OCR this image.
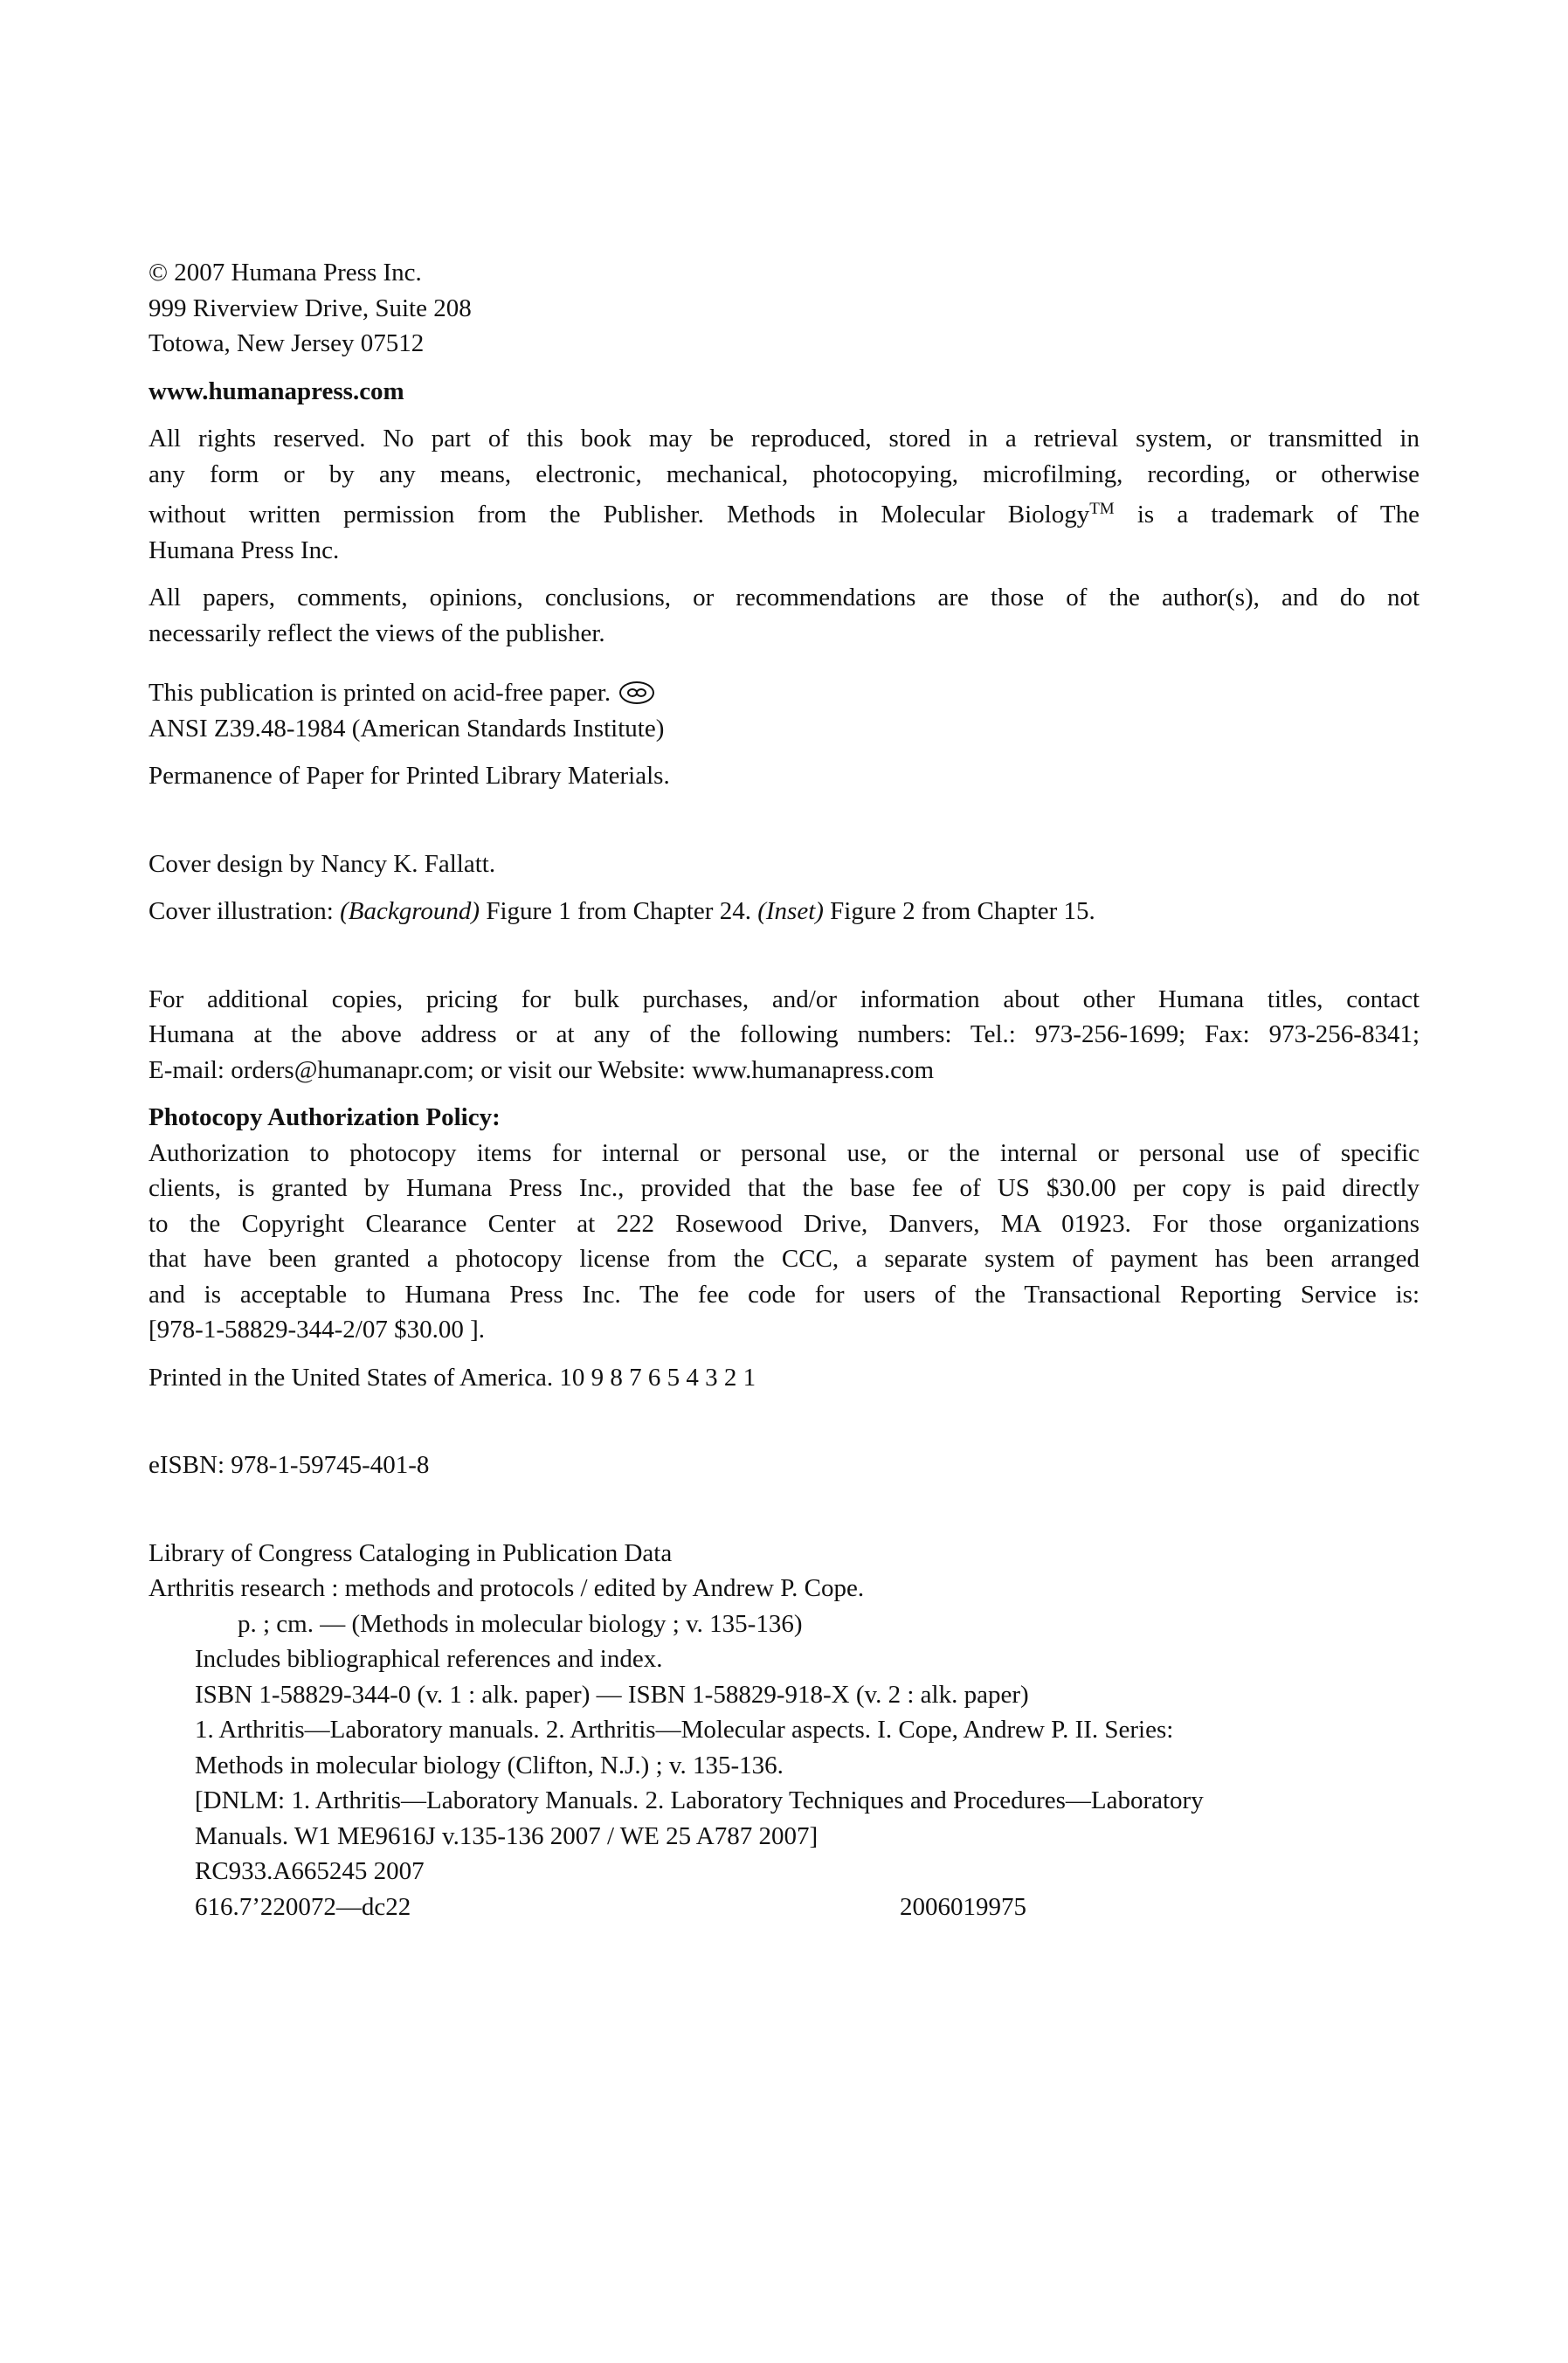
© 2007 Humana Press Inc.
999 Riverview Drive, Suite 208
Totowa, New Jersey 07512
www.humanapress.com
All rights reserved. No part of this book may be reproduced, stored in a retrieval system, or transmitted in
any form or by any means, electronic, mechanical, photocopying, microfilming, recording, or otherwise
without written permission from the Publisher. Methods in Molecular Biology™ is a trademark of The
Humana Press Inc.
All papers, comments, opinions, conclusions, or recommendations are those of the author(s), and do not
necessarily reflect the views of the publisher.
This publication is printed on acid-free paper.
ANSI Z39.48-1984 (American Standards Institute)
Permanence of Paper for Printed Library Materials.
Cover design by Nancy K. Fallatt.
Cover illustration: (Background) Figure 1 from Chapter 24. (Inset) Figure 2 from Chapter 15.
For additional copies, pricing for bulk purchases, and/or information about other Humana titles, contact
Humana at the above address or at any of the following numbers: Tel.: 973-256-1699; Fax: 973-256-8341;
E-mail: orders@humanapr.com; or visit our Website: www.humanapress.com
Photocopy Authorization Policy:
Authorization to photocopy items for internal or personal use, or the internal or personal use of specific
clients, is granted by Humana Press Inc., provided that the base fee of US $30.00 per copy is paid directly
to the Copyright Clearance Center at 222 Rosewood Drive, Danvers, MA 01923. For those organizations
that have been granted a photocopy license from the CCC, a separate system of payment has been arranged
and is acceptable to Humana Press Inc. The fee code for users of the Transactional Reporting Service is:
[978-1-58829-344-2/07 $30.00 ].
Printed in the United States of America. 10 9 8 7 6 5 4 3 2 1
eISBN: 978-1-59745-401-8
Library of Congress Cataloging in Publication Data
Arthritis research : methods and protocols / edited by Andrew P. Cope.
p. ; cm. — (Methods in molecular biology ; v. 135-136)
Includes bibliographical references and index.
ISBN 1-58829-344-0 (v. 1 : alk. paper) — ISBN 1-58829-918-X (v. 2 : alk. paper)
1. Arthritis—Laboratory manuals. 2. Arthritis—Molecular aspects. I. Cope, Andrew P. II. Series:
Methods in molecular biology (Clifton, N.J.) ; v. 135-136.
[DNLM: 1. Arthritis—Laboratory Manuals. 2. Laboratory Techniques and Procedures—Laboratory
Manuals. W1 ME9616J v.135-136 2007 / WE 25 A787 2007]
RC933.A665245 2007
616.7’220072—dc22	2006019975
